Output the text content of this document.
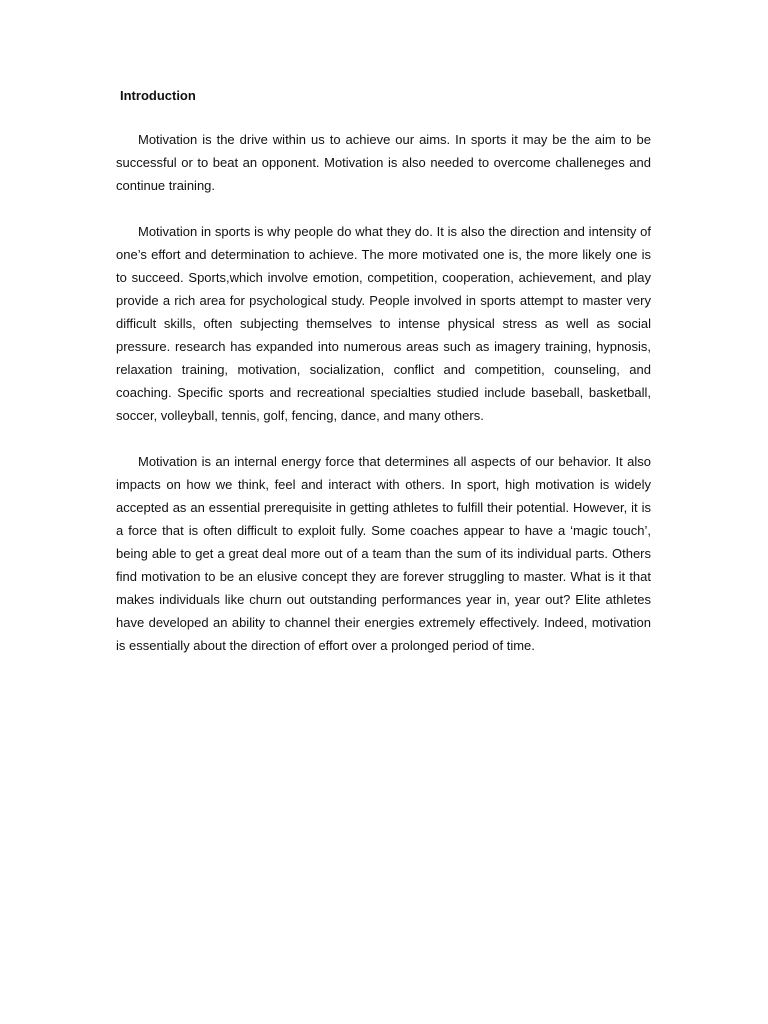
Introduction

Motivation is the drive within us to achieve our aims. In sports it may be the aim to be successful or to beat an opponent. Motivation is also needed to overcome challeneges and continue training.

Motivation in sports is why people do what they do. It is also the direction and intensity of one’s effort and determination to achieve. The more motivated one is, the more likely one is to succeed. Sports,which involve emotion, competition, cooperation, achievement, and play provide a rich area for psychological study. People involved in sports attempt to master very difficult skills, often subjecting themselves to intense physical stress as well as social pressure. research has expanded into numerous areas such as imagery training, hypnosis, relaxation training, motivation, socialization, conflict and competition, counseling, and coaching. Specific sports and recreational specialties studied include baseball, basketball, soccer, volleyball, tennis, golf, fencing, dance, and many others.

Motivation is an internal energy force that determines all aspects of our behavior. It also impacts on how we think, feel and interact with others. In sport, high motivation is widely accepted as an essential prerequisite in getting athletes to fulfill their potential. However, it is a force that is often difficult to exploit fully. Some coaches appear to have a ‘magic touch’, being able to get a great deal more out of a team than the sum of its individual parts. Others find motivation to be an elusive concept they are forever struggling to master. What is it that makes individuals like churn out outstanding performances year in, year out? Elite athletes have developed an ability to channel their energies extremely effectively. Indeed, motivation is essentially about the direction of effort over a prolonged period of time.
